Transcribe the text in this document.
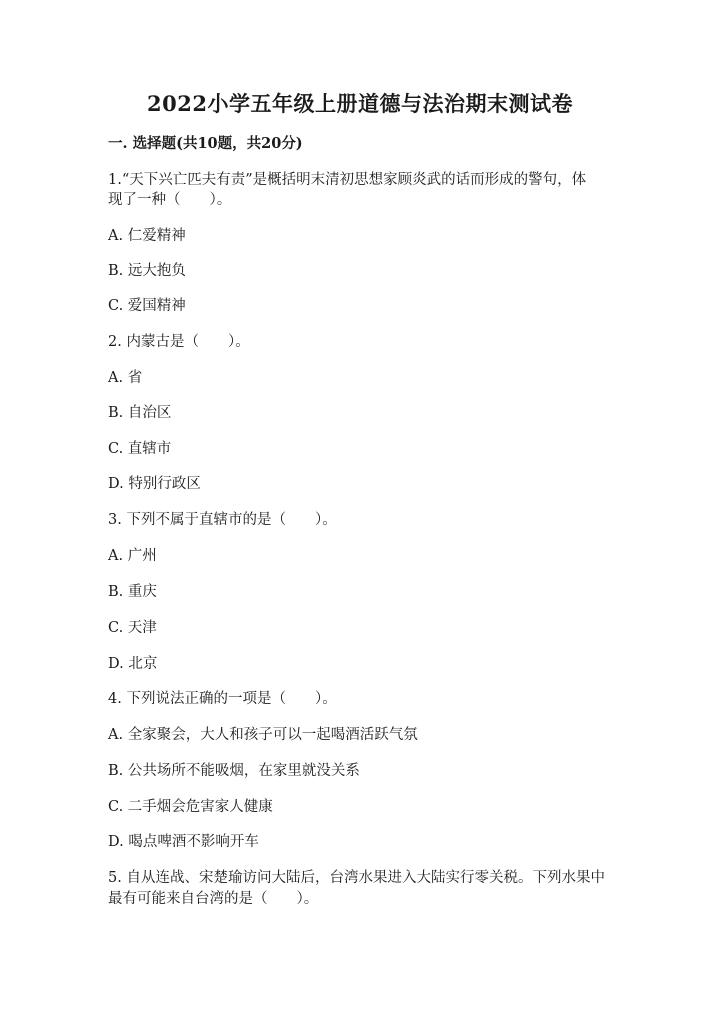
2022小学五年级上册道德与法治期末测试卷
一. 选择题(共10题，共20分)
1.“天下兴亡匹夫有责”是概括明末清初思想家顾炎武的话而形成的警句，体
现了一种（　　）。
A. 仁爱精神
B. 远大抱负
C. 爱国精神
2. 内蒙古是（　　）。
A. 省
B. 自治区
C. 直辖市
D. 特别行政区
3. 下列不属于直辖市的是（　　）。
A. 广州
B. 重庆
C. 天津
D. 北京
4. 下列说法正确的一项是（　　）。
A. 全家聚会，大人和孩子可以一起喝酒活跃气氛
B. 公共场所不能吸烟，在家里就没关系
C. 二手烟会危害家人健康
D. 喝点啤酒不影响开车
5. 自从连战、宋楚瑜访问大陆后，台湾水果进入大陆实行零关税。下列水果中
最有可能来自台湾的是（　　）。
